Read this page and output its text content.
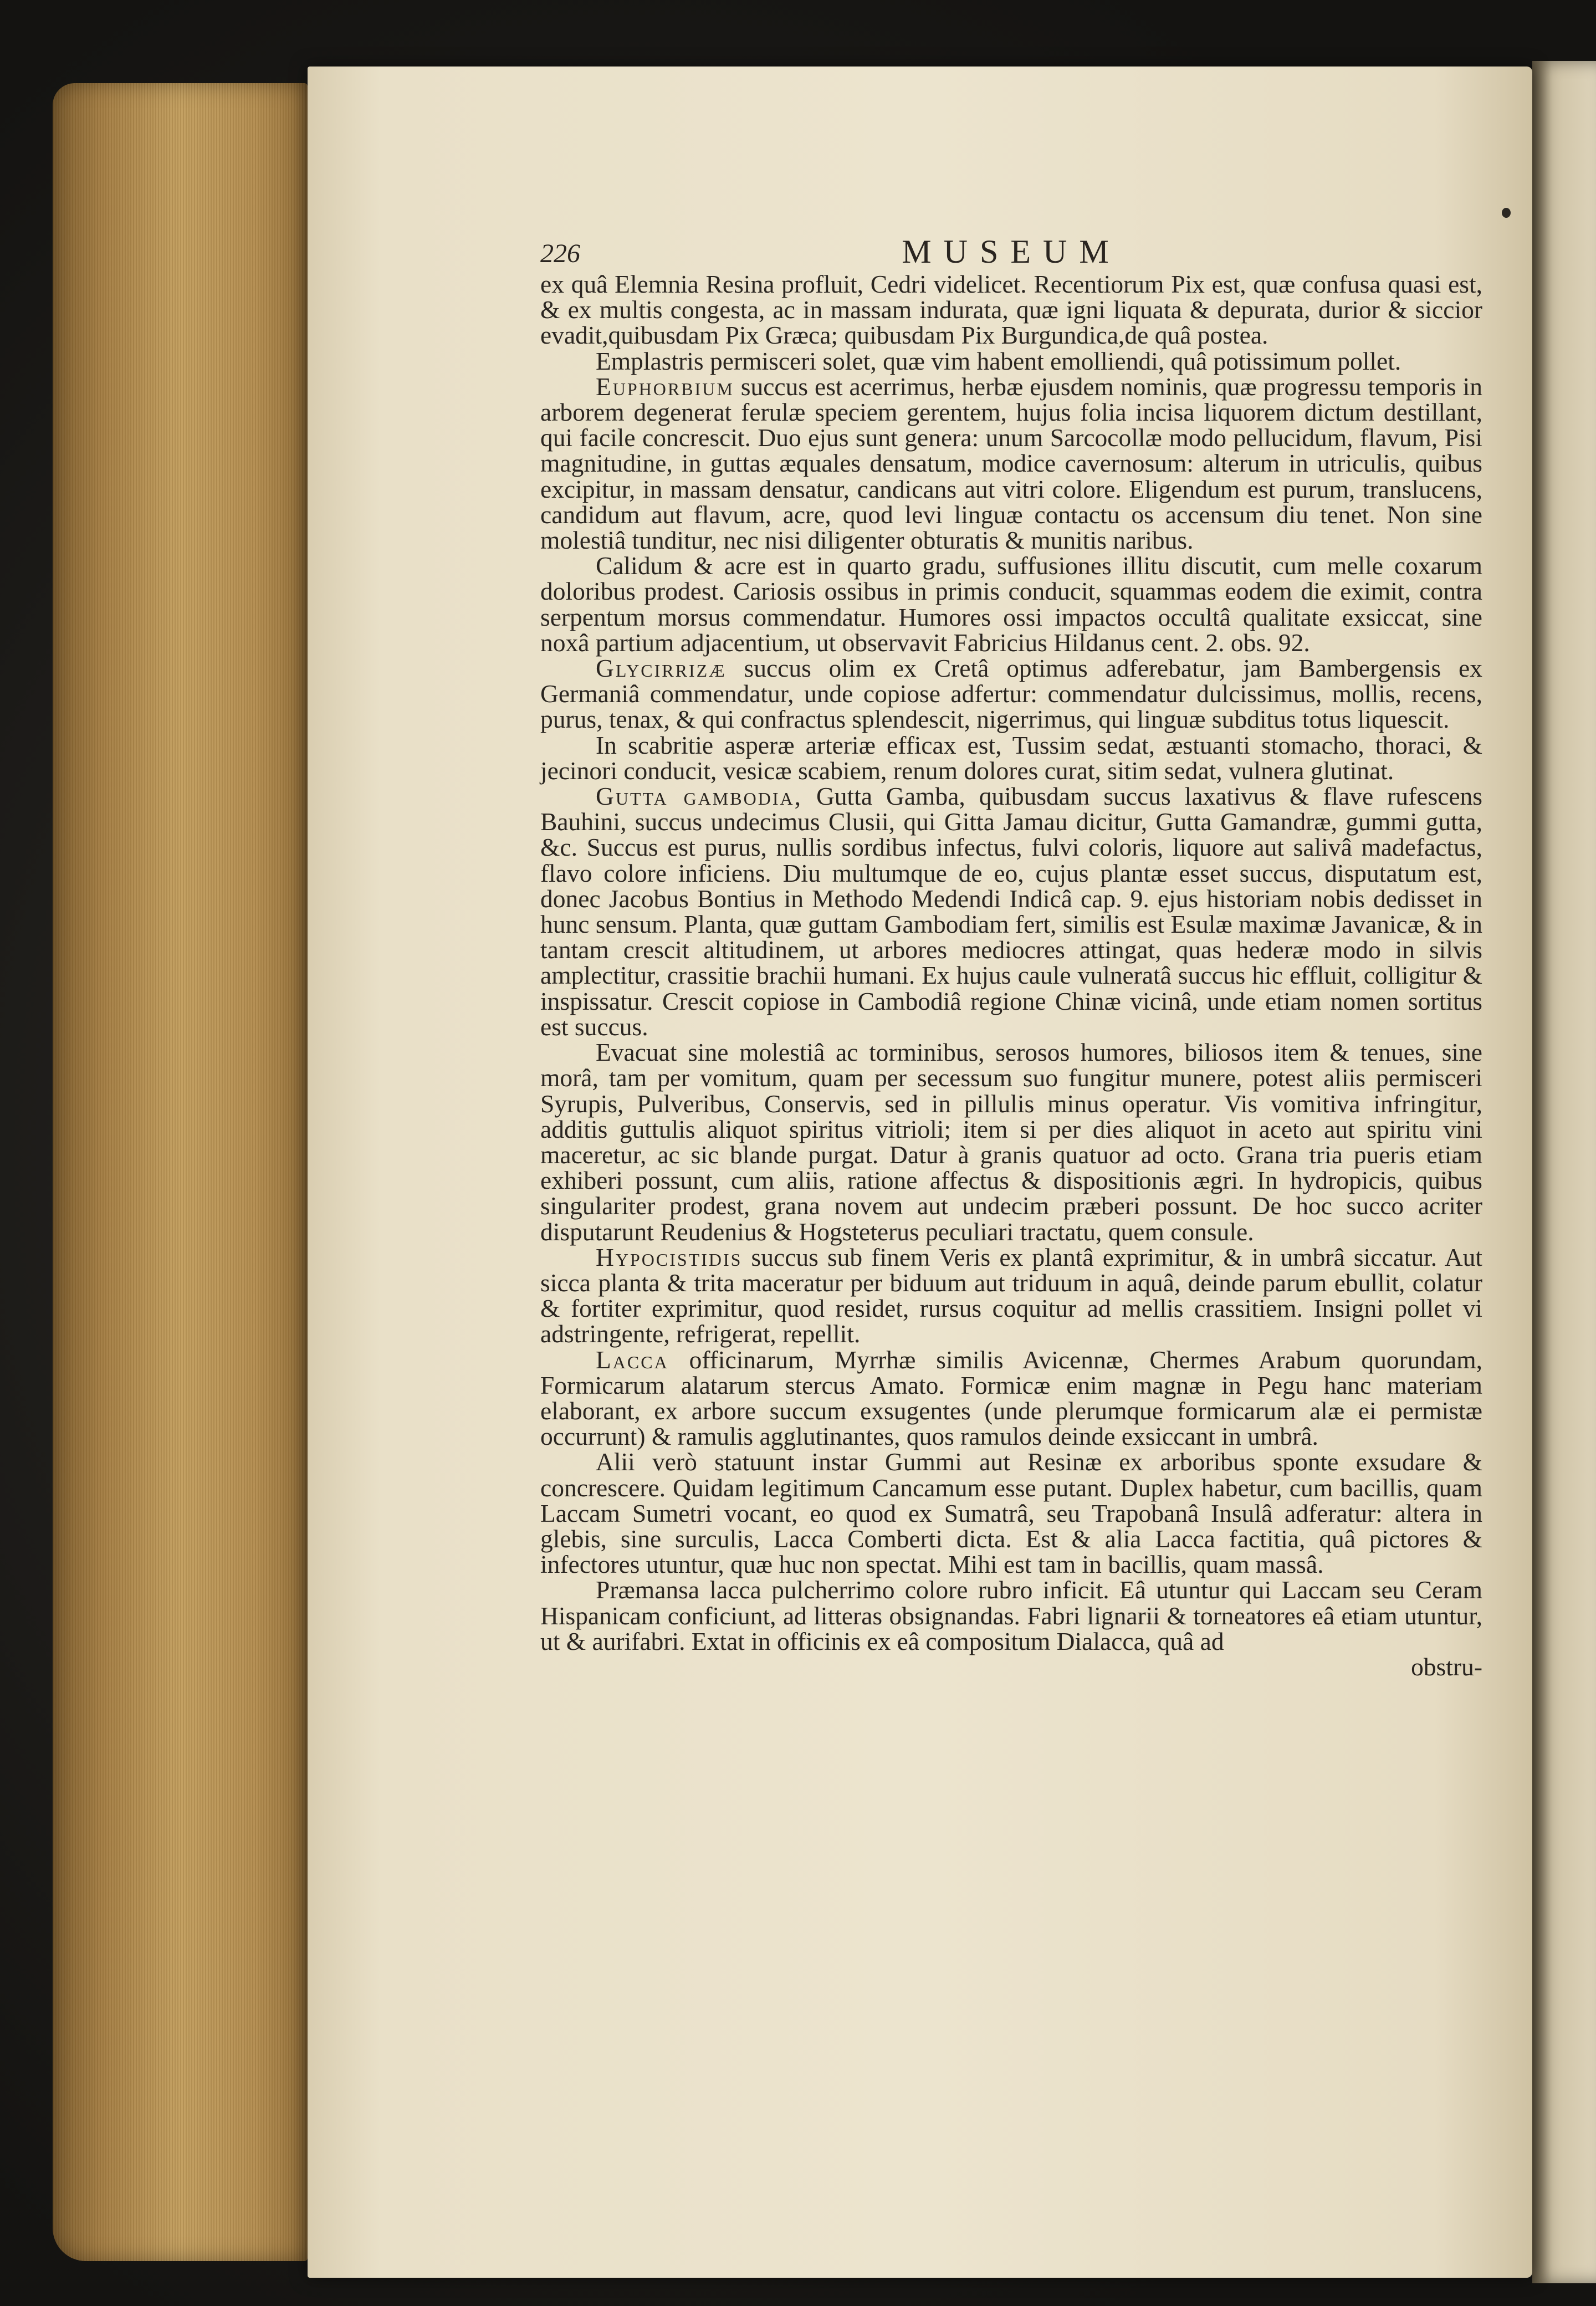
226	MUSEUM

ex quâ Elemnia Resina profluit, Cedri videlicet. Recentiorum Pix est, quæ confusa quasi est, & ex multis congesta, ac in massam indurata, quæ igni liquata & depurata, durior & siccior evadit,quibusdam Pix Græca; quibusdam Pix Burgundica,de quâ postea.

Emplastris permisceri solet, quæ vim habent emolliendi, quâ potissimum pollet.

Euphorbium succus est acerrimus, herbæ ejusdem nominis, quæ progressu temporis in arborem degenerat ferulæ speciem gerentem, hujus folia incisa liquorem dictum destillant, qui facile concrescit. Duo ejus sunt genera: unum Sarcocollæ modo pellucidum, flavum, Pisi magnitudine, in guttas æquales densatum, modice cavernosum: alterum in utriculis, quibus excipitur, in massam densatur, candicans aut vitri colore. Eligendum est purum, translucens, candidum aut flavum, acre, quod levi linguæ contactu os accensum diu tenet. Non sine molestiâ tunditur, nec nisi diligenter obturatis & munitis naribus.

Calidum & acre est in quarto gradu, suffusiones illitu discutit, cum melle coxarum doloribus prodest. Cariosis ossibus in primis conducit, squammas eodem die eximit, contra serpentum morsus commendatur. Humores ossi impactos occultâ qualitate exsiccat, sine noxâ partium adjacentium, ut observavit Fabricius Hildanus cent. 2. obs. 92.

Glycirrizæ succus olim ex Cretâ optimus adferebatur, jam Bambergensis ex Germaniâ commendatur, unde copiose adfertur: commendatur dulcissimus, mollis, recens, purus, tenax, & qui confractus splendescit, nigerrimus, qui linguæ subditus totus liquescit.

In scabritie asperæ arteriæ efficax est, Tussim sedat, æstuanti stomacho, thoraci, & jecinori conducit, vesicæ scabiem, renum dolores curat, sitim sedat, vulnera glutinat.

Gutta gambodia, Gutta Gamba, quibusdam succus laxativus & flave rufescens Bauhini, succus undecimus Clusii, qui Gitta Jamau dicitur, Gutta Gamandræ, gummi gutta, &c. Succus est purus, nullis sordibus infectus, fulvi coloris, liquore aut salivâ madefactus, flavo colore inficiens. Diu multumque de eo, cujus plantæ esset succus, disputatum est, donec Jacobus Bontius in Methodo Medendi Indicâ cap. 9. ejus historiam nobis dedisset in hunc sensum. Planta, quæ guttam Gambodiam fert, similis est Esulæ maximæ Javanicæ, & in tantam crescit altitudinem, ut arbores mediocres attingat, quas hederæ modo in silvis amplectitur, crassitie brachii humani. Ex hujus caule vulneratâ succus hic effluit, colligitur & inspissatur. Crescit copiose in Cambodiâ regione Chinæ vicinâ, unde etiam nomen sortitus est succus.

Evacuat sine molestiâ ac torminibus, serosos humores, biliosos item & tenues, sine morâ, tam per vomitum, quam per secessum suo fungitur munere, potest aliis permisceri Syrupis, Pulveribus, Conservis, sed in pillulis minus operatur. Vis vomitiva infringitur, additis guttulis aliquot spiritus vitrioli; item si per dies aliquot in aceto aut spiritu vini maceretur, ac sic blande purgat. Datur à granis quatuor ad octo. Grana tria pueris etiam exhiberi possunt, cum aliis, ratione affectus & dispositionis ægri. In hydropicis, quibus singulariter prodest, grana novem aut undecim præberi possunt. De hoc succo acriter disputarunt Reudenius & Hogsteterus peculiari tractatu, quem consule.

Hypocistidis succus sub finem Veris ex plantâ exprimitur, & in umbrâ siccatur. Aut sicca planta & trita maceratur per biduum aut triduum in aquâ, deinde parum ebullit, colatur & fortiter exprimitur, quod residet, rursus coquitur ad mellis crassitiem. Insigni pollet vi adstringente, refrigerat, repellit.

Lacca officinarum, Myrrhæ similis Avicennæ, Chermes Arabum quorundam, Formicarum alatarum stercus Amato. Formicæ enim magnæ in Pegu hanc materiam elaborant, ex arbore succum exsugentes (unde plerumque formicarum alæ ei permistæ occurrunt) & ramulis agglutinantes, quos ramulos deinde exsiccant in umbrâ.

Alii verò statuunt instar Gummi aut Resinæ ex arboribus sponte exsudare & concrescere. Quidam legitimum Cancamum esse putant. Duplex habetur, cum bacillis, quam Laccam Sumetri vocant, eo quod ex Sumatrâ, seu Trapobanâ Insulâ adferatur: altera in glebis, sine surculis, Lacca Comberti dicta. Est & alia Lacca factitia, quâ pictores & infectores utuntur, quæ huc non spectat. Mihi est tam in bacillis, quam massâ.

Præmansa lacca pulcherrimo colore rubro inficit. Eâ utuntur qui Laccam seu Ceram Hispanicam conficiunt, ad litteras obsignandas. Fabri lignarii & torneatores eâ etiam utuntur, ut & aurifabri. Extat in officinis ex eâ compositum Dialacca, quâ ad

obstru-
